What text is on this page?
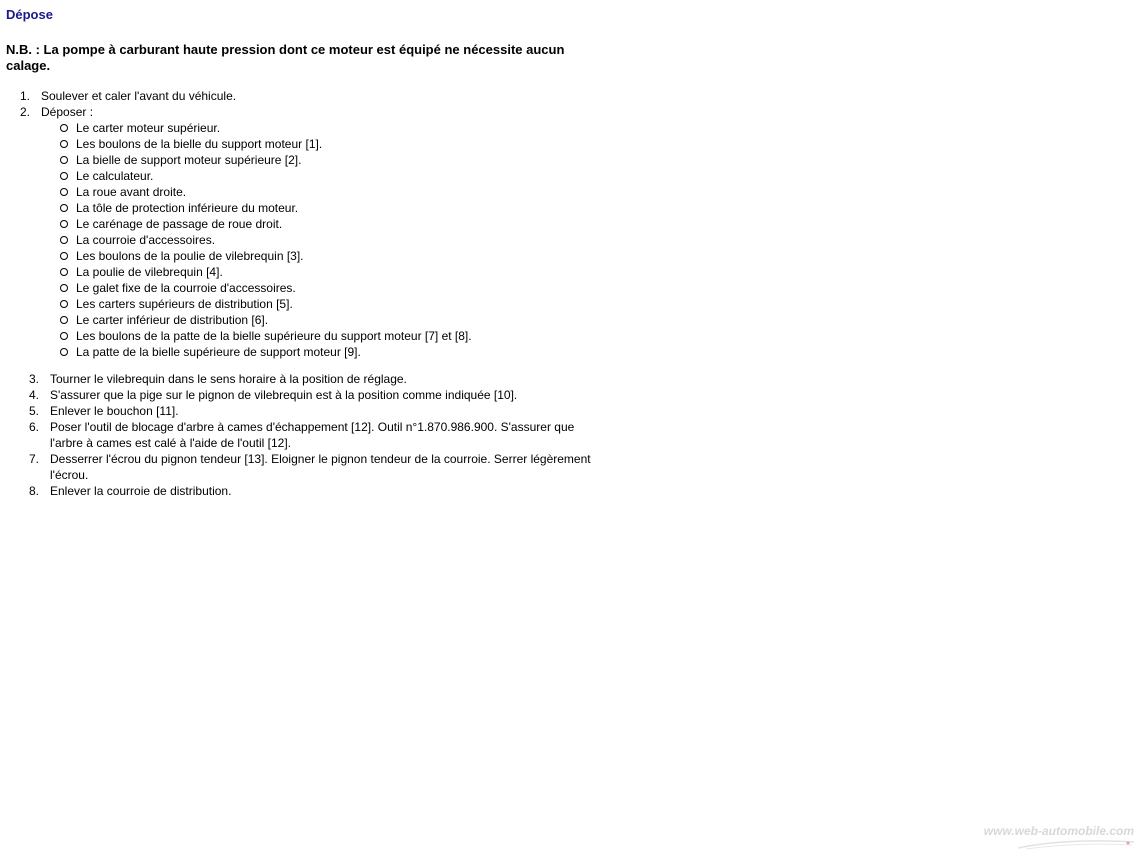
Dépose
N.B. : La pompe à carburant haute pression dont ce moteur est équipé ne nécessite aucun calage.
1. Soulever et caler l'avant du véhicule.
2. Déposer :
Le carter moteur supérieur.
Les boulons de la bielle du support moteur [1].
La bielle de support moteur supérieure [2].
Le calculateur.
La roue avant droite.
La tôle de protection inférieure du moteur.
Le carénage de passage de roue droit.
La courroie d'accessoires.
Les boulons de la poulie de vilebrequin [3].
La poulie de vilebrequin [4].
Le galet fixe de la courroie d'accessoires.
Les carters supérieurs de distribution [5].
Le carter inférieur de distribution [6].
Les boulons de la patte de la bielle supérieure du support moteur [7] et [8].
La patte de la bielle supérieure de support moteur [9].
3. Tourner le vilebrequin dans le sens horaire à la position de réglage.
4. S'assurer que la pige sur le pignon de vilebrequin est à la position comme indiquée [10].
5. Enlever le bouchon [11].
6. Poser l'outil de blocage d'arbre à cames d'échappement [12]. Outil n°1.870.986.900. S'assurer que l'arbre à cames est calé à l'aide de l'outil [12].
7. Desserrer l'écrou du pignon tendeur [13]. Eloigner le pignon tendeur de la courroie. Serrer légèrement l'écrou.
8. Enlever la courroie de distribution.
www.web-automobile.com
